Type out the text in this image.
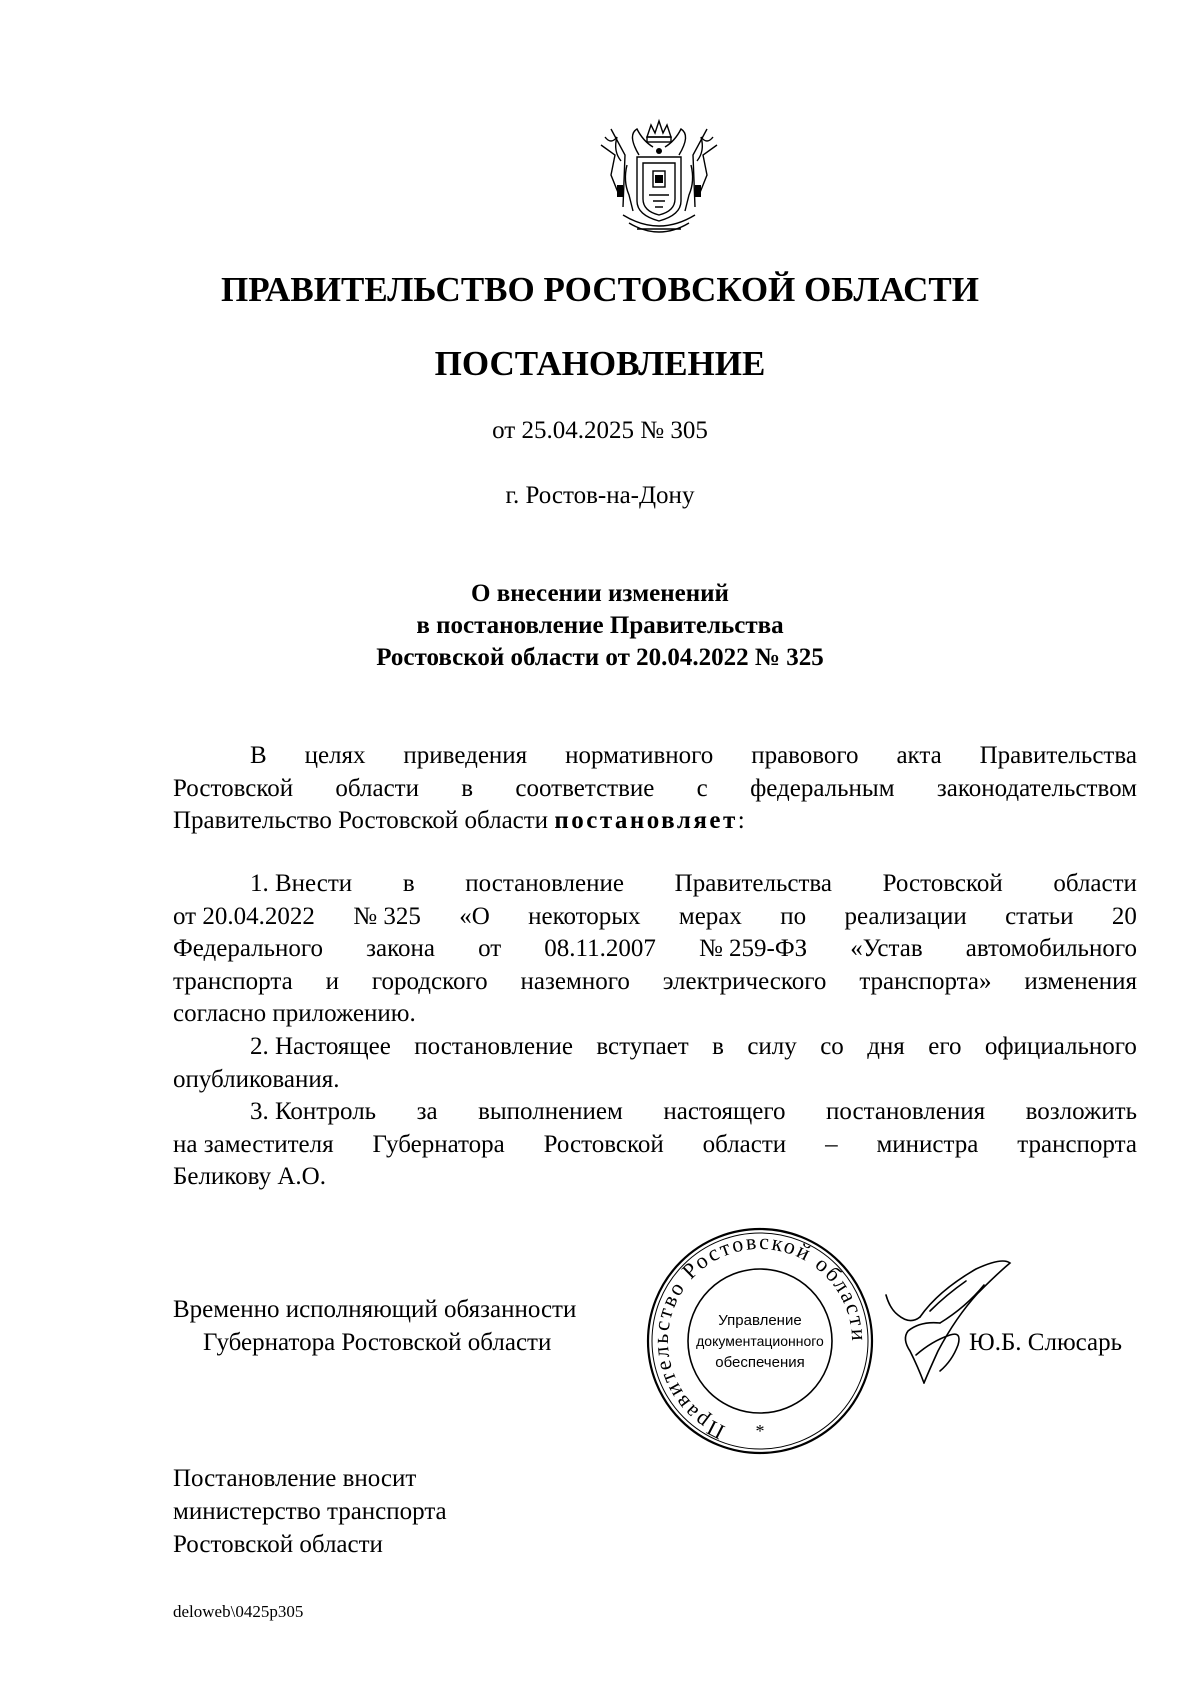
ПРАВИТЕЛЬСТВО РОСТОВСКОЙ ОБЛАСТИ
ПОСТАНОВЛЕНИЕ
от 25.04.2025 № 305
г. Ростов-на-Дону
О внесении изменений
в постановление Правительства
Ростовской области от 20.04.2022 № 325
В целях приведения нормативного правового акта Правительства
Ростовской области в соответствие с федеральным законодательством
Правительство Ростовской области постановляет:
1. Внести в постановление Правительства Ростовской области
от 20.04.2022 № 325 «О некоторых мерах по реализации статьи 20
Федерального закона от 08.11.2007 № 259-ФЗ «Устав автомобильного
транспорта и городского наземного электрического транспорта» изменения
согласно приложению.
2. Настоящее постановление вступает в силу со дня его официального
опубликования.
3. Контроль за выполнением настоящего постановления возложить
на заместителя Губернатора Ростовской области – министра транспорта
Беликову А.О.
Временно исполняющий обязанности
Губернатора Ростовской области
Правительство Ростовской области
Управление
документационного
обеспечения
*
Ю.Б. Слюсарь
Постановление вносит
министерство транспорта
Ростовской области
deloweb\0425p305
